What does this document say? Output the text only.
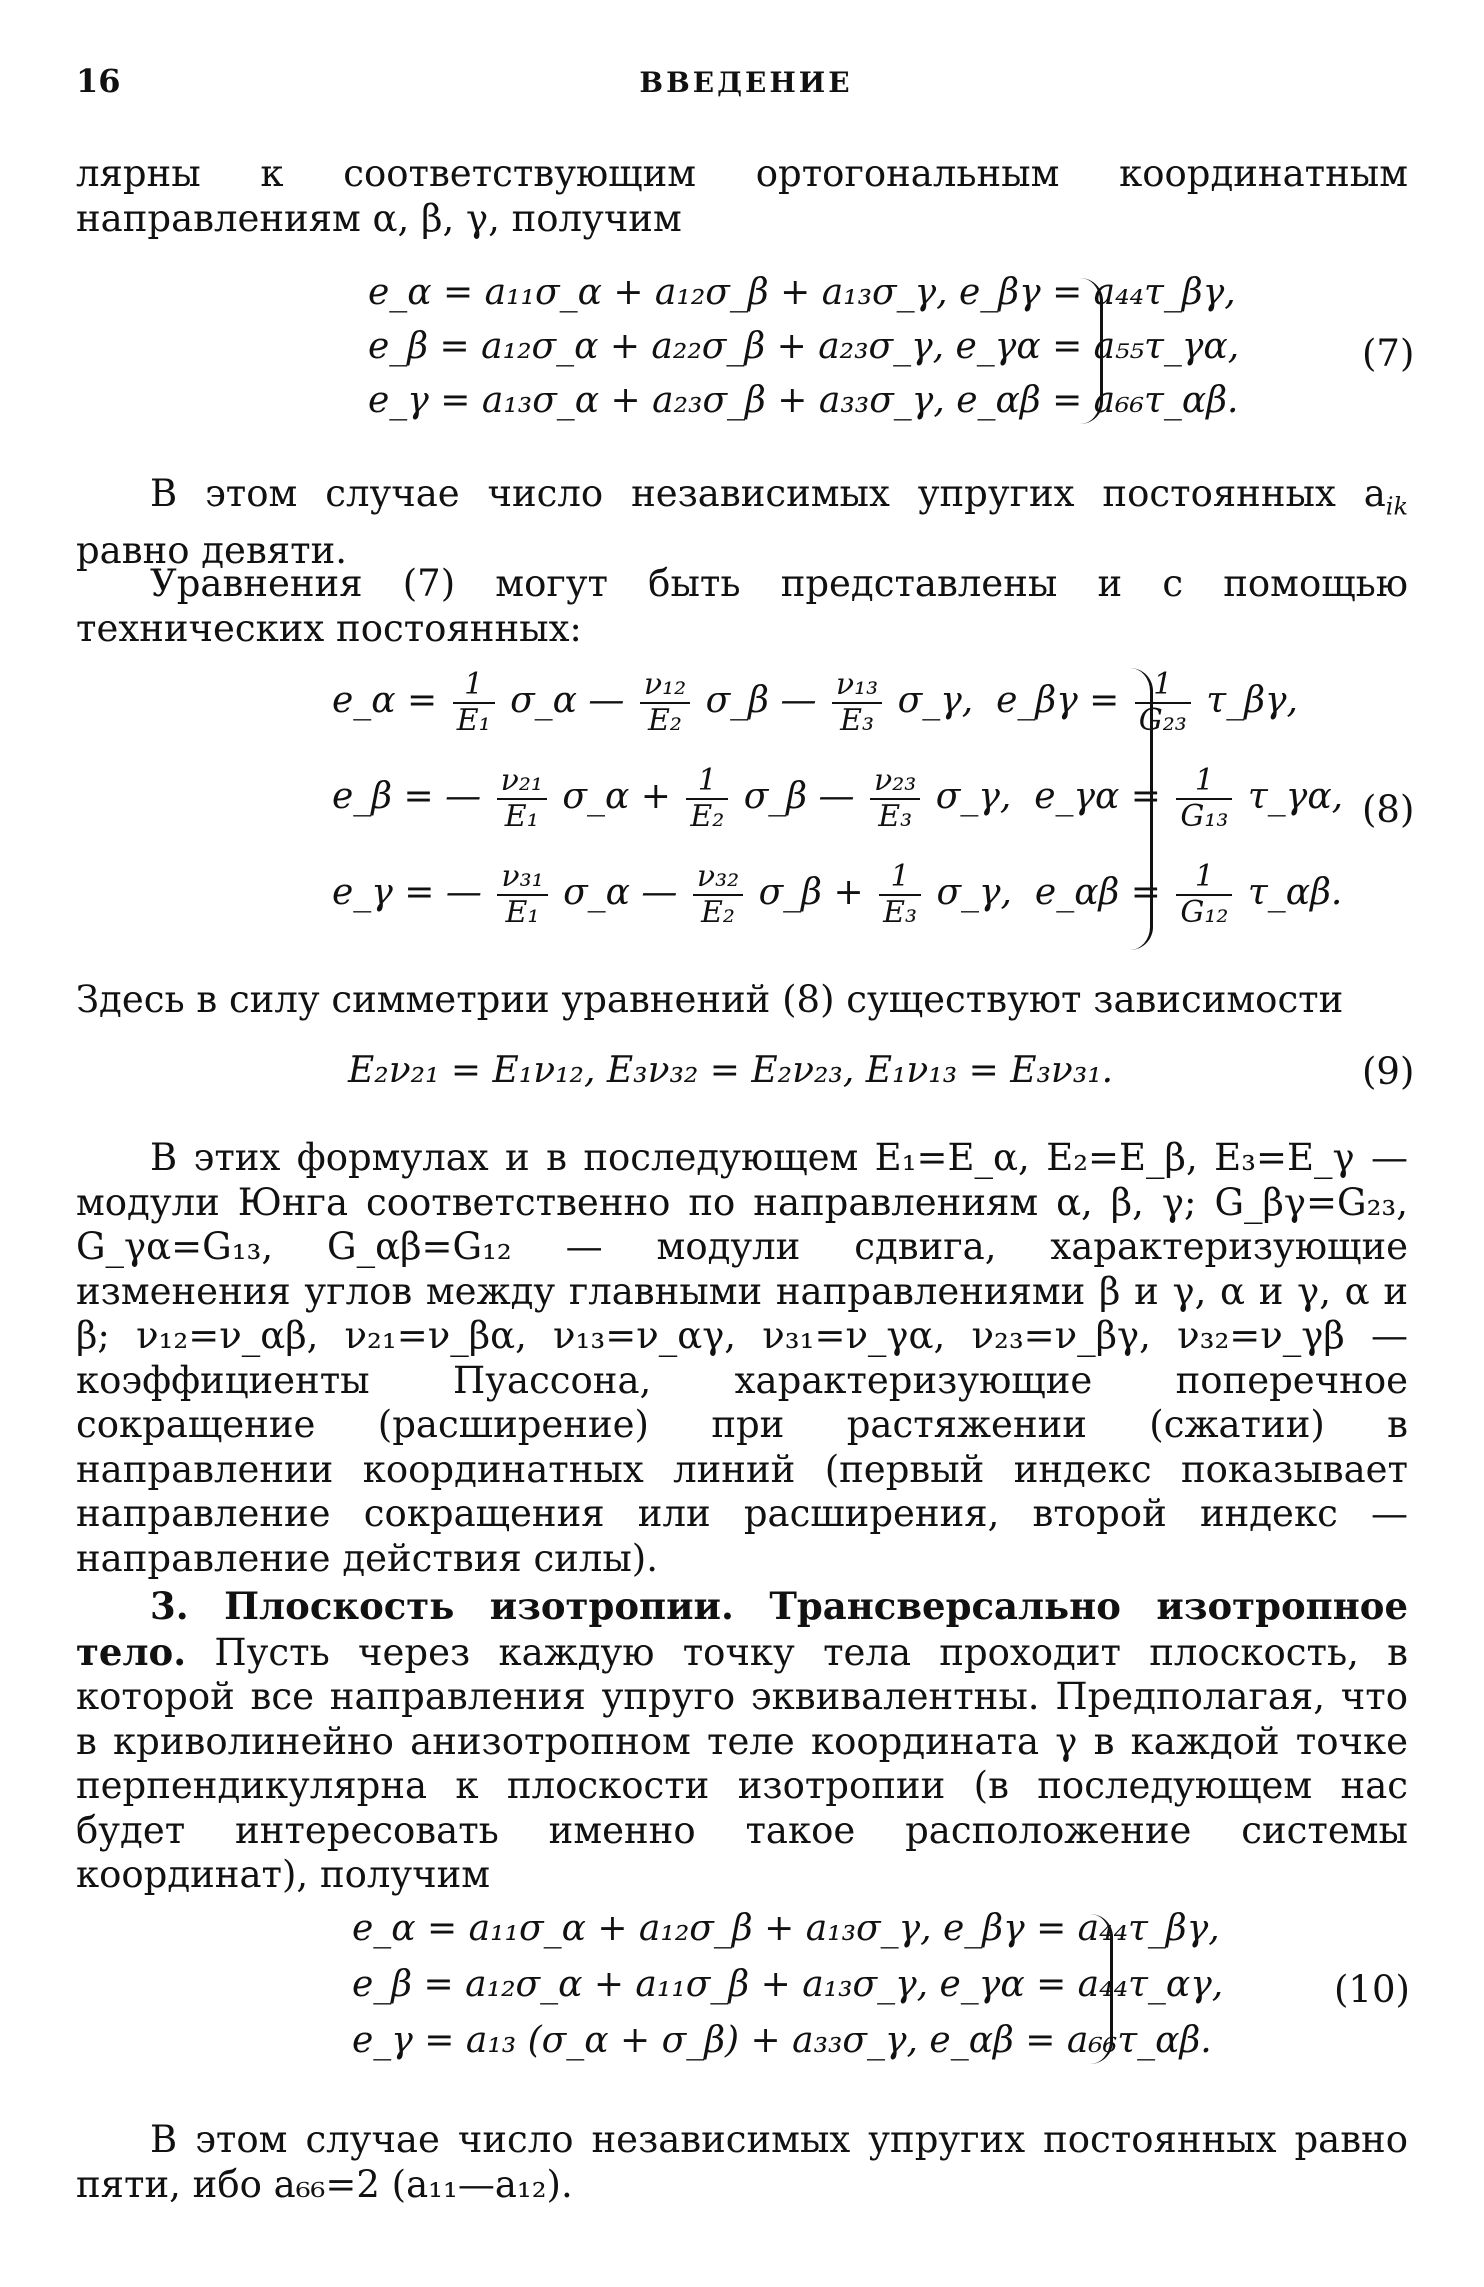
16	ВВЕДЕНИЕ

лярны к соответствующим ортогональным координатным направлениям α, β, γ, получим

e_α = a₁₁σ_α + a₁₂σ_β + a₁₃σ_γ, e_βγ = a₄₄τ_βγ,
e_β = a₁₂σ_α + a₂₂σ_β + a₂₃σ_γ, e_γα = a₅₅τ_γα,
e_γ = a₁₃σ_α + a₂₃σ_β + a₃₃σ_γ, e_αβ = a₆₆τ_αβ.
(7)

В этом случае число независимых упругих постоянных $a_{ik}$ равно девяти.

Уравнения (7) могут быть представлены и с помощью технических постоянных:

e_α = $\frac{1}{\text{E₁}}$ σ_α — $\frac{\text{ν₁₂}}{\text{E₂}}$ σ_β — $\frac{\text{ν₁₃}}{\text{E₃}}$ σ_γ, e_βγ = $\frac{1}{\text{G₂₃}}$ τ_βγ,
e_β = — $\frac{\text{ν₂₁}}{\text{E₁}}$ σ_α + $\frac{1}{\text{E₂}}$ σ_β — $\frac{\text{ν₂₃}}{\text{E₃}}$ σ_γ, e_γα = $\frac{1}{\text{G₁₃}}$ τ_γα,
e_γ = — $\frac{\text{ν₃₁}}{\text{E₁}}$ σ_α — $\frac{\text{ν₃₂}}{\text{E₂}}$ σ_β + $\frac{1}{\text{E₃}}$ σ_γ, e_αβ = $\frac{1}{\text{G₁₂}}$ τ_αβ.
(8)

Здесь в силу симметрии уравнений (8) существуют зависимости

E₂ν₂₁ = E₁ν₁₂, E₃ν₃₂ = E₂ν₂₃, E₁ν₁₃ = E₃ν₃₁.	(9)

В этих формулах и в последующем E₁=E_α, E₂=E_β, E₃=E_γ — модули Юнга соответственно по направлениям α, β, γ; G_βγ=G₂₃, G_γα=G₁₃, G_αβ=G₁₂ — модули сдвига, характеризующие изменения углов между главными направлениями β и γ, α и γ, α и β; ν₁₂=ν_αβ, ν₂₁=ν_βα, ν₁₃=ν_αγ, ν₃₁=ν_γα, ν₂₃=ν_βγ, ν₃₂=ν_γβ — коэффициенты Пуассона, характеризующие поперечное сокращение (расширение) при растяжении (сжатии) в направлении координатных линий (первый индекс показывает направление сокращения или расширения, второй индекс — направление действия силы).

3. Плоскость изотропии. Трансверсально изотропное тело. Пусть через каждую точку тела проходит плоскость, в которой все направления упруго эквивалентны. Предполагая, что в криволинейно анизотропном теле координата γ в каждой точке перпендикулярна к плоскости изотропии (в последующем нас будет интересовать именно такое расположение системы координат), получим

e_α = a₁₁σ_α + a₁₂σ_β + a₁₃σ_γ, e_βγ = a₄₄τ_βγ,
e_β = a₁₂σ_α + a₁₁σ_β + a₁₃σ_γ, e_γα = a₄₄τ_αγ,
e_γ = a₁₃ (σ_α + σ_β) + a₃₃σ_γ, e_αβ = a₆₆τ_αβ.
(10)

В этом случае число независимых упругих постоянных равно пяти, ибо a₆₆=2 (a₁₁—a₁₂).
